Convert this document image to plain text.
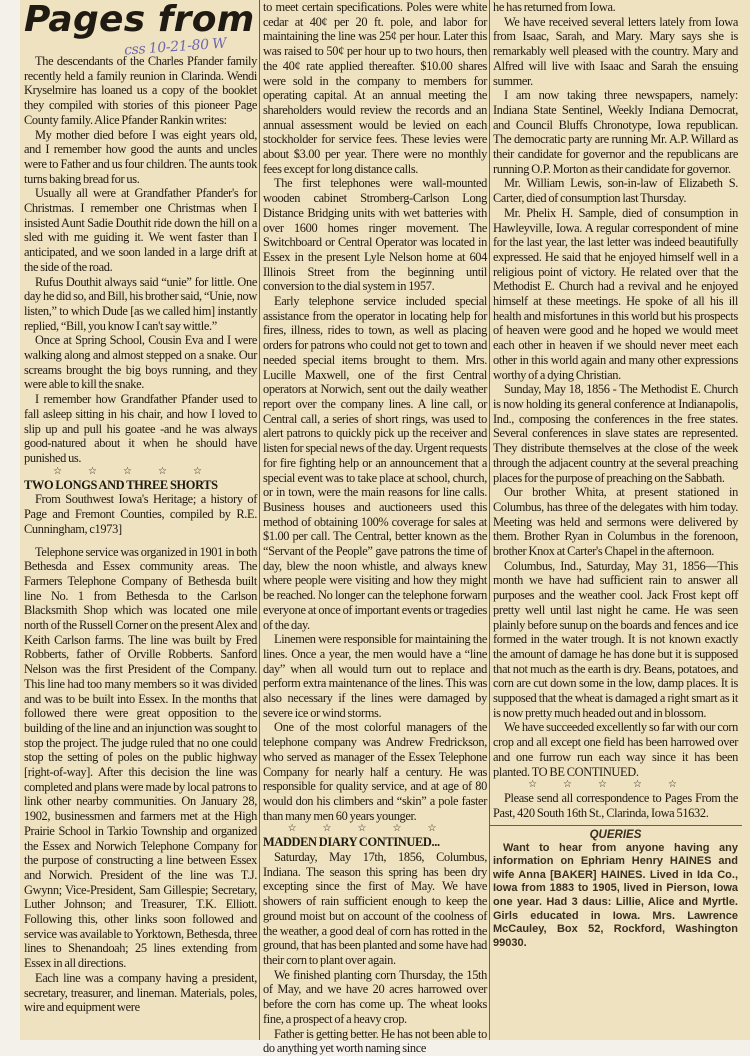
Pages from
css 10-21-80 W

The descendants of the Charles Pfander family recently held a family reunion in Clarinda. Wendi Kryselmire has loaned us a copy of the booklet they compiled with stories of this pioneer Page County family. Alice Pfander Rankin writes:

My mother died before I was eight years old, and I remember how good the aunts and uncles were to Father and us four children. The aunts took turns baking bread for us.

Usually all were at Grandfather Pfander's for Christmas. I remember one Christmas when I insisted Aunt Sadie Douthit ride down the hill on a sled with me guiding it. We went faster than I anticipated, and we soon landed in a large drift at the side of the road.

Rufus Douthit always said “unie” for little. One day he did so, and Bill, his brother said, “Unie, now listen,” to which Dude [as we called him] instantly replied, “Bill, you know I can't say wittle.”

Once at Spring School, Cousin Eva and I were walking along and almost stepped on a snake. Our screams brought the big boys running, and they were able to kill the snake.

I remember how Grandfather Pfander used to fall asleep sitting in his chair, and how I loved to slip up and pull his goatee -and he was always good-natured about it when he should have punished us.

☆☆☆☆☆

TWO LONGS AND THREE SHORTS

From Southwest Iowa's Heritage; a history of Page and Fremont Counties, compiled by R.E. Cunningham, c1973]

Telephone service was organized in 1901 in both Bethesda and Essex community areas. The Farmers Telephone Company of Bethesda built line No. 1 from Bethesda to the Carlson Blacksmith Shop which was located one mile north of the Russell Corner on the present Alex and Keith Carlson farms. The line was built by Fred Robberts, father of Orville Robberts. Sanford Nelson was the first President of the Company. This line had too many members so it was divided and was to be built into Essex. In the months that followed there were great opposition to the building of the line and an injunction was sought to stop the project. The judge ruled that no one could stop the setting of poles on the public highway [right-of-way]. After this decision the line was completed and plans were made by local patrons to link other nearby communities. On January 28, 1902, businessmen and farmers met at the High Prairie School in Tarkio Township and organized the Essex and Norwich Telephone Company for the purpose of constructing a line between Essex and Norwich. President of the line was T.J. Gwynn; Vice-President, Sam Gillespie; Secretary, Luther Johnson; and Treasurer, T.K. Elliott. Following this, other links soon followed and service was available to Yorktown, Bethesda, three lines to Shenandoah; 25 lines extending from Essex in all directions.

Each line was a company having a president, secretary, treasurer, and lineman. Materials, poles, wire and equipment were

to meet certain specifications. Poles were white cedar at 40¢ per 20 ft. pole, and labor for maintaining the line was 25¢ per hour. Later this was raised to 50¢ per hour up to two hours, then the 40¢ rate applied thereafter. $10.00 shares were sold in the company to members for operating capital. At an annual meeting the shareholders would review the records and an annual assessment would be levied on each stockholder for service fees. These levies were about $3.00 per year. There were no monthly fees except for long distance calls.

The first telephones were wall-mounted wooden cabinet Stromberg-Carlson Long Distance Bridging units with wet batteries with over 1600 homes ringer movement. The Switchboard or Central Operator was located in Essex in the present Lyle Nelson home at 604 Illinois Street from the beginning until conversion to the dial system in 1957.

Early telephone service included special assistance from the operator in locating help for fires, illness, rides to town, as well as placing orders for patrons who could not get to town and needed special items brought to them. Mrs. Lucille Maxwell, one of the first Central operators at Norwich, sent out the daily weather report over the company lines. A line call, or Central call, a series of short rings, was used to alert patrons to quickly pick up the receiver and listen for special news of the day. Urgent requests for fire fighting help or an announcement that a special event was to take place at school, church, or in town, were the main reasons for line calls. Business houses and auctioneers used this method of obtaining 100% coverage for sales at $1.00 per call. The Central, better known as the “Servant of the People” gave patrons the time of day, blew the noon whistle, and always knew where people were visiting and how they might be reached. No longer can the telephone forwarn everyone at once of important events or tragedies of the day.

Linemen were responsible for maintaining the lines. Once a year, the men would have a “line day” when all would turn out to replace and perform extra maintenance of the lines. This was also necessary if the lines were damaged by severe ice or wind storms.

One of the most colorful managers of the telephone company was Andrew Fredrickson, who served as manager of the Essex Telephone Company for nearly half a century. He was responsible for quality service, and at age of 80 would don his climbers and “skin” a pole faster than many men 60 years younger.

☆☆☆☆☆

MADDEN DIARY CONTINUED...

Saturday, May 17th, 1856, Columbus, Indiana. The season this spring has been dry excepting since the first of May. We have showers of rain sufficient enough to keep the ground moist but on account of the coolness of the weather, a good deal of corn has rotted in the ground, that has been planted and some have had their corn to plant over again.

We finished planting corn Thursday, the 15th of May, and we have 20 acres harrowed over before the corn has come up. The wheat looks fine, a prospect of a heavy crop.

Father is getting better. He has not been able to do anything yet worth naming since

he has returned from Iowa.

We have received several letters lately from Iowa from Isaac, Sarah, and Mary. Mary says she is remarkably well pleased with the country. Mary and Alfred will live with Isaac and Sarah the ensuing summer.

I am now taking three newspapers, namely: Indiana State Sentinel, Weekly Indiana Democrat, and Council Bluffs Chronotype, Iowa republican. The democratic party are running Mr. A.P. Willard as their candidate for governor and the republicans are running O.P. Morton as their candidate for governor.

Mr. William Lewis, son-in-law of Elizabeth S. Carter, died of consumption last Thursday.

Mr. Phelix H. Sample, died of consumption in Hawleyville, Iowa. A regular correspondent of mine for the last year, the last letter was indeed beautifully expressed. He said that he enjoyed himself well in a religious point of victory. He related over that the Methodist E. Church had a revival and he enjoyed himself at these meetings. He spoke of all his ill health and misfortunes in this world but his prospects of heaven were good and he hoped we would meet each other in heaven if we should never meet each other in this world again and many other expressions worthy of a dying Christian.

Sunday, May 18, 1856 - The Methodist E. Church is now holding its general conference at Indianapolis, Ind., composing the conferences in the free states. Several conferences in slave states are represented. They distribute themselves at the close of the week through the adjacent country at the several preaching places for the purpose of preaching on the Sabbath.

Our brother Whita, at present stationed in Columbus, has three of the delegates with him today. Meeting was held and sermons were delivered by them. Brother Ryan in Columbus in the forenoon, brother Knox at Carter's Chapel in the afternoon.

Columbus, Ind., Saturday, May 31, 1856—This month we have had sufficient rain to answer all purposes and the weather cool. Jack Frost kept off pretty well until last night he came. He was seen plainly before sunup on the boards and fences and ice formed in the water trough. It is not known exactly the amount of damage he has done but it is supposed that not much as the earth is dry. Beans, potatoes, and corn are cut down some in the low, damp places. It is supposed that the wheat is damaged a right smart as it is now pretty much headed out and in blossom.

We have succeeded excellently so far with our corn crop and all except one field has been harrowed over and one furrow run each way since it has been planted. TO BE CONTINUED.

☆☆☆☆☆

Please send all correspondence to Pages From the Past, 420 South 16th St., Clarinda, Iowa 51632.

QUERIES

Want to hear from anyone having any information on Ephriam Henry HAINES and wife Anna [BAKER] HAINES. Lived in Ida Co., Iowa from 1883 to 1905, lived in Pierson, Iowa one year. Had 3 daus: Lillie, Alice and Myrtle. Girls educated in Iowa. Mrs. Lawrence McCauley, Box 52, Rockford, Washington 99030.
